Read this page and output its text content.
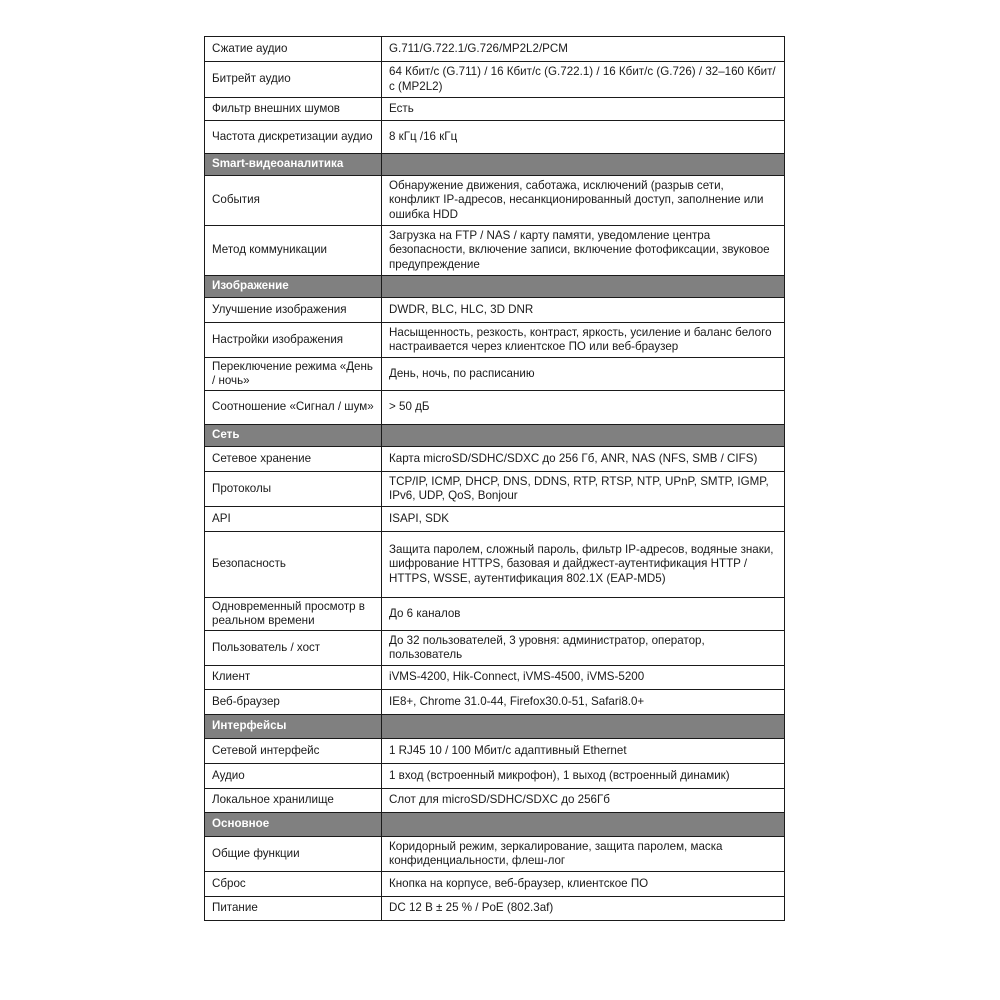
Сжатие аудио	G.711/G.722.1/G.726/MP2L2/PCM
Битрейт аудио	64 Кбит/с (G.711) / 16 Кбит/с (G.722.1) / 16 Кбит/с (G.726) / 32–160 Кбит/с (MP2L2)
Фильтр внешних шумов	Есть
Частота дискретизации аудио	8 кГц /16 кГц
Smart-видеоаналитика	
События	Обнаружение движения, саботажа, исключений (разрыв сети, конфликт IP-адресов, несанкционированный доступ, заполнение или ошибка HDD
Метод коммуникации	Загрузка на FTP / NAS / карту памяти, уведомление центра безопасности, включение записи, включение фотофиксации, звуковое предупреждение
Изображение	
Улучшение изображения	DWDR, BLC, HLC, 3D DNR
Настройки изображения	Насыщенность, резкость, контраст, яркость, усиление и баланс белого настраивается через клиентское ПО или веб-браузер
Переключение режима «День / ночь»	День, ночь, по расписанию
Соотношение «Сигнал / шум»	> 50 дБ
Сеть	
Сетевое хранение	Карта microSD/SDHC/SDXC до 256 Гб, ANR, NAS (NFS, SMB / CIFS)
Протоколы	TCP/IP, ICMP, DHCP, DNS, DDNS, RTP, RTSP, NTP, UPnP, SMTP, IGMP, IPv6, UDP, QoS, Bonjour
API	ISAPI, SDK
Безопасность	Защита паролем, сложный пароль, фильтр IP-адресов, водяные знаки, шифрование HTTPS, базовая и дайджест-аутентификация HTTP / HTTPS, WSSE, аутентификация 802.1X (EAP-MD5)
Одновременный просмотр в реальном времени	До 6 каналов
Пользователь / хост	До 32 пользователей, 3 уровня: администратор, оператор, пользователь
Клиент	iVMS-4200, Hik-Connect, iVMS-4500, iVMS-5200
Веб-браузер	IE8+, Chrome 31.0-44, Firefox30.0-51, Safari8.0+
Интерфейсы	
Сетевой интерфейс	1 RJ45 10 / 100 Мбит/с адаптивный Ethernet
Аудио	1 вход (встроенный микрофон), 1 выход (встроенный динамик)
Локальное хранилище	Слот для microSD/SDHC/SDXC до 256Гб
Основное	
Общие функции	Коридорный режим, зеркалирование, защита паролем, маска конфиденциальности, флеш-лог
Сброс	Кнопка на корпусе, веб-браузер, клиентское ПО
Питание	DC 12 В ± 25 % / PoE (802.3af)
